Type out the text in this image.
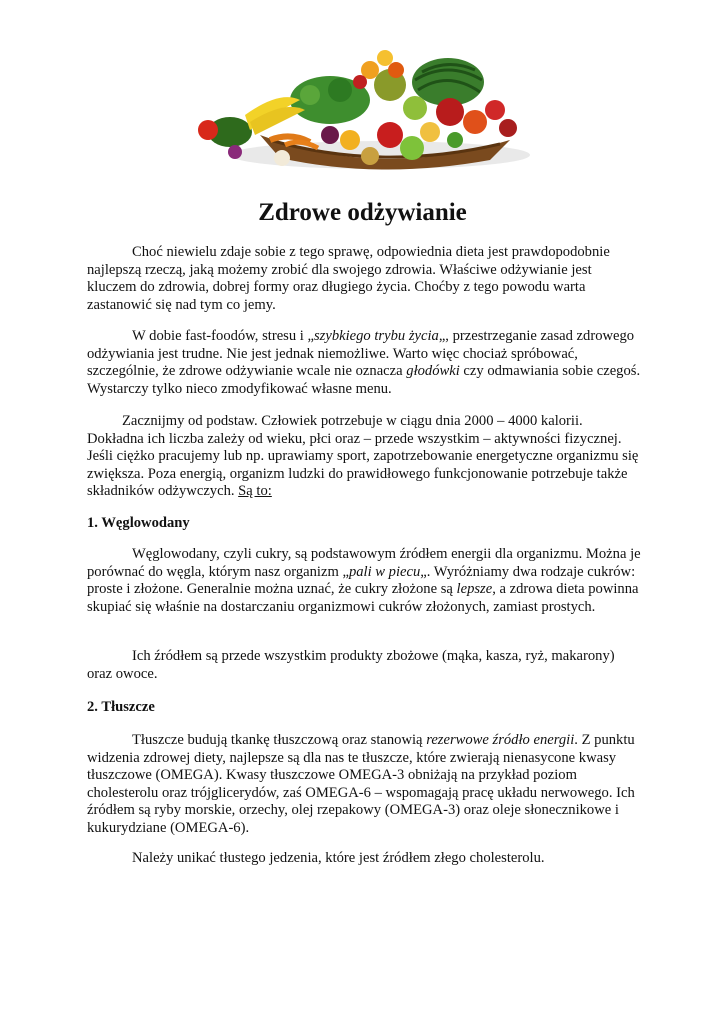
Zdrowe odżywianie

Choć niewielu zdaje sobie z tego sprawę, odpowiednia dieta jest prawdopodobnie najlepszą rzeczą, jaką możemy zrobić dla swojego zdrowia. Właściwe odżywianie jest kluczem do zdrowia, dobrej formy oraz długiego życia. Choćby z tego powodu warta zastanowić się nad tym co jemy.

W dobie fast-foodów, stresu i „szybkiego trybu życia„, przestrzeganie zasad zdrowego odżywiania jest trudne. Nie jest jednak niemożliwe. Warto więc chociaż spróbować, szczególnie, że zdrowe odżywianie wcale nie oznacza głodówki czy odmawiania sobie czegoś. Wystarczy tylko nieco zmodyfikować własne menu.

Zacznijmy od podstaw. Człowiek potrzebuje w ciągu dnia 2000 – 4000 kalorii. Dokładna ich liczba zależy od wieku, płci oraz – przede wszystkim – aktywności fizycznej. Jeśli ciężko pracujemy lub np. uprawiamy sport, zapotrzebowanie energetyczne organizmu się zwiększa. Poza energią, organizm ludzki do prawidłowego funkcjonowanie potrzebuje także składników odżywczych. Są to:

1. Węglowodany

Węglowodany, czyli cukry, są podstawowym źródłem energii dla organizmu. Można je porównać do węgla, którym nasz organizm „pali w piecu„. Wyróżniamy dwa rodzaje cukrów: proste i złożone. Generalnie można uznać, że cukry złożone są lepsze, a zdrowa dieta powinna skupiać się właśnie na dostarczaniu organizmowi cukrów złożonych, zamiast prostych.

Ich źródłem są przede wszystkim produkty zbożowe (mąka, kasza, ryż, makarony) oraz owoce.

2. Tłuszcze

Tłuszcze budują tkankę tłuszczową oraz stanowią rezerwowe źródło energii. Z punktu widzenia zdrowej diety, najlepsze są dla nas te tłuszcze, które zwierają nienasycone kwasy tłuszczowe (OMEGA). Kwasy tłuszczowe OMEGA-3 obniżają na przykład poziom cholesterolu oraz trójglicerydów, zaś OMEGA-6 – wspomagają pracę układu nerwowego. Ich źródłem są ryby morskie, orzechy, olej rzepakowy (OMEGA-3) oraz oleje słonecznikowe i kukurydziane (OMEGA-6).

Należy unikać tłustego jedzenia, które jest źródłem złego cholesterolu.
